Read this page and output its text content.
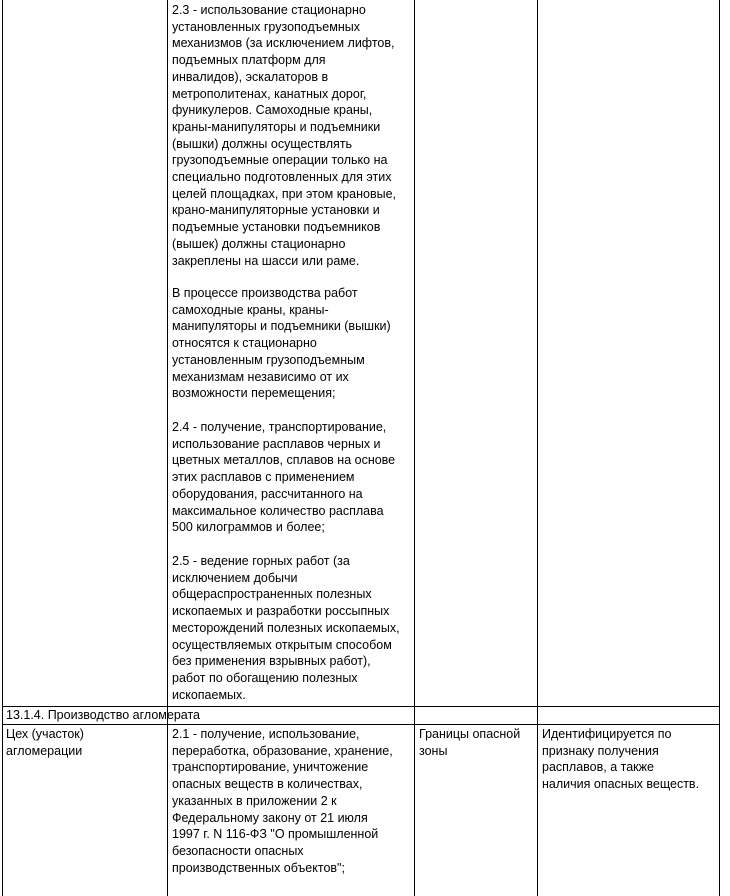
2.3 - использование стационарно
установленных грузоподъемных
механизмов (за исключением лифтов,
подъемных платформ для
инвалидов), эскалаторов в
метрополитенах, канатных дорог,
фуникулеров. Самоходные краны,
краны-манипуляторы и подъемники
(вышки) должны осуществлять
грузоподъемные операции только на
специально подготовленных для этих
целей площадках, при этом крановые,
крано-манипуляторные установки и
подъемные установки подъемников
(вышек) должны стационарно
закреплены на шасси или раме.
В процессе производства работ
самоходные краны, краны-
манипуляторы и подъемники (вышки)
относятся к стационарно
установленным грузоподъемным
механизмам независимо от их
возможности перемещения;
2.4 - получение, транспортирование,
использование расплавов черных и
цветных металлов, сплавов на основе
этих расплавов с применением
оборудования, рассчитанного на
максимальное количество расплава
500 килограммов и более;
2.5 - ведение горных работ (за
исключением добычи
общераспространенных полезных
ископаемых и разработки россыпных
месторождений полезных ископаемых,
осуществляемых открытым способом
без применения взрывных работ),
работ по обогащению полезных
ископаемых.
13.1.4. Производство агломерата
Цех (участок)
агломерации
2.1 - получение, использование,
переработка, образование, хранение,
транспортирование, уничтожение
опасных веществ в количествах,
указанных в приложении 2 к
Федеральному закону от 21 июля
1997 г. N 116-ФЗ "О промышленной
безопасности опасных
производственных объектов";
Границы опасной
зоны
Идентифицируется по
признаку получения
расплавов, а также
наличия опасных веществ.
